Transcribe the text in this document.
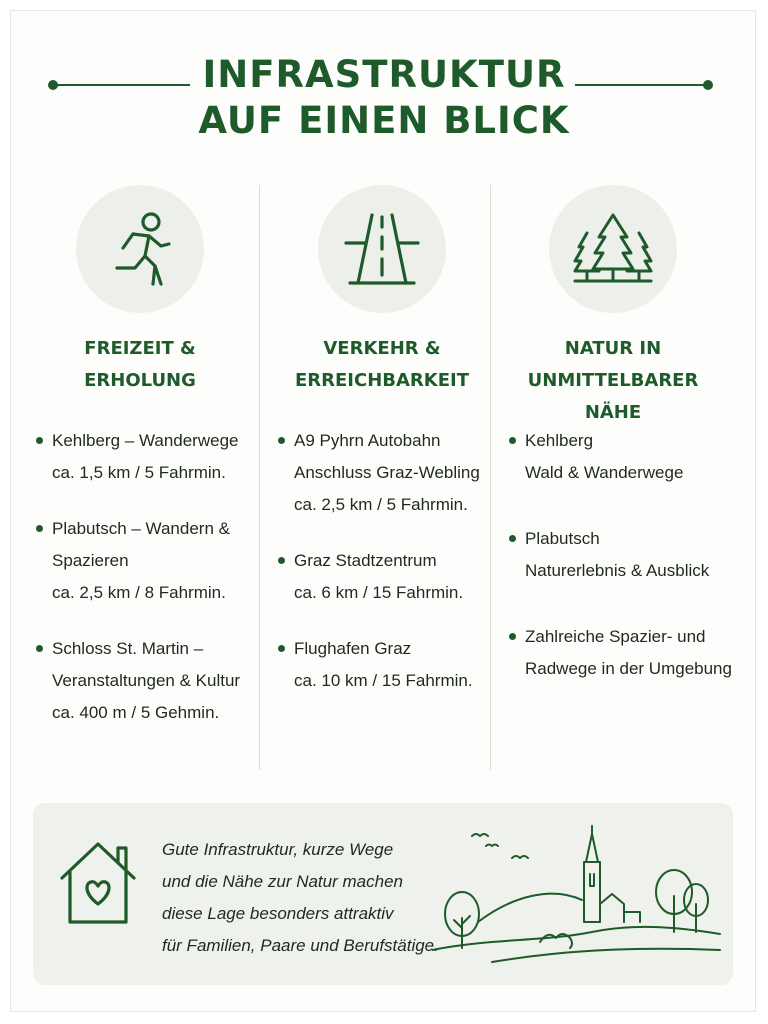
INFRASTRUKTUR

AUF EINEN BLICK

FREIZEIT &
ERHOLUNG
Kehlberg – Wanderwege
ca. 1,5 km / 5 Fahrmin.
Plabutsch – Wandern &
Spazieren
ca. 2,5 km / 8 Fahrmin.
Schloss St. Martin –
Veranstaltungen & Kultur
ca. 400 m / 5 Gehmin.
VERKEHR &
ERREICHBARKEIT
A9 Pyhrn Autobahn
Anschluss Graz-Webling
ca. 2,5 km / 5 Fahrmin.
Graz Stadtzentrum
ca. 6 km / 15 Fahrmin.
Flughafen Graz
ca. 10 km / 15 Fahrmin.
NATUR IN
UNMITTELBARER NÄHE
Kehlberg
Wald & Wanderwege
Plabutsch
Naturerlebnis & Ausblick
Zahlreiche Spazier- und
Radwege in der Umgebung
Gute Infrastruktur, kurze Wege
und die Nähe zur Natur machen
diese Lage besonders attraktiv
für Familien, Paare und Berufstätige.
